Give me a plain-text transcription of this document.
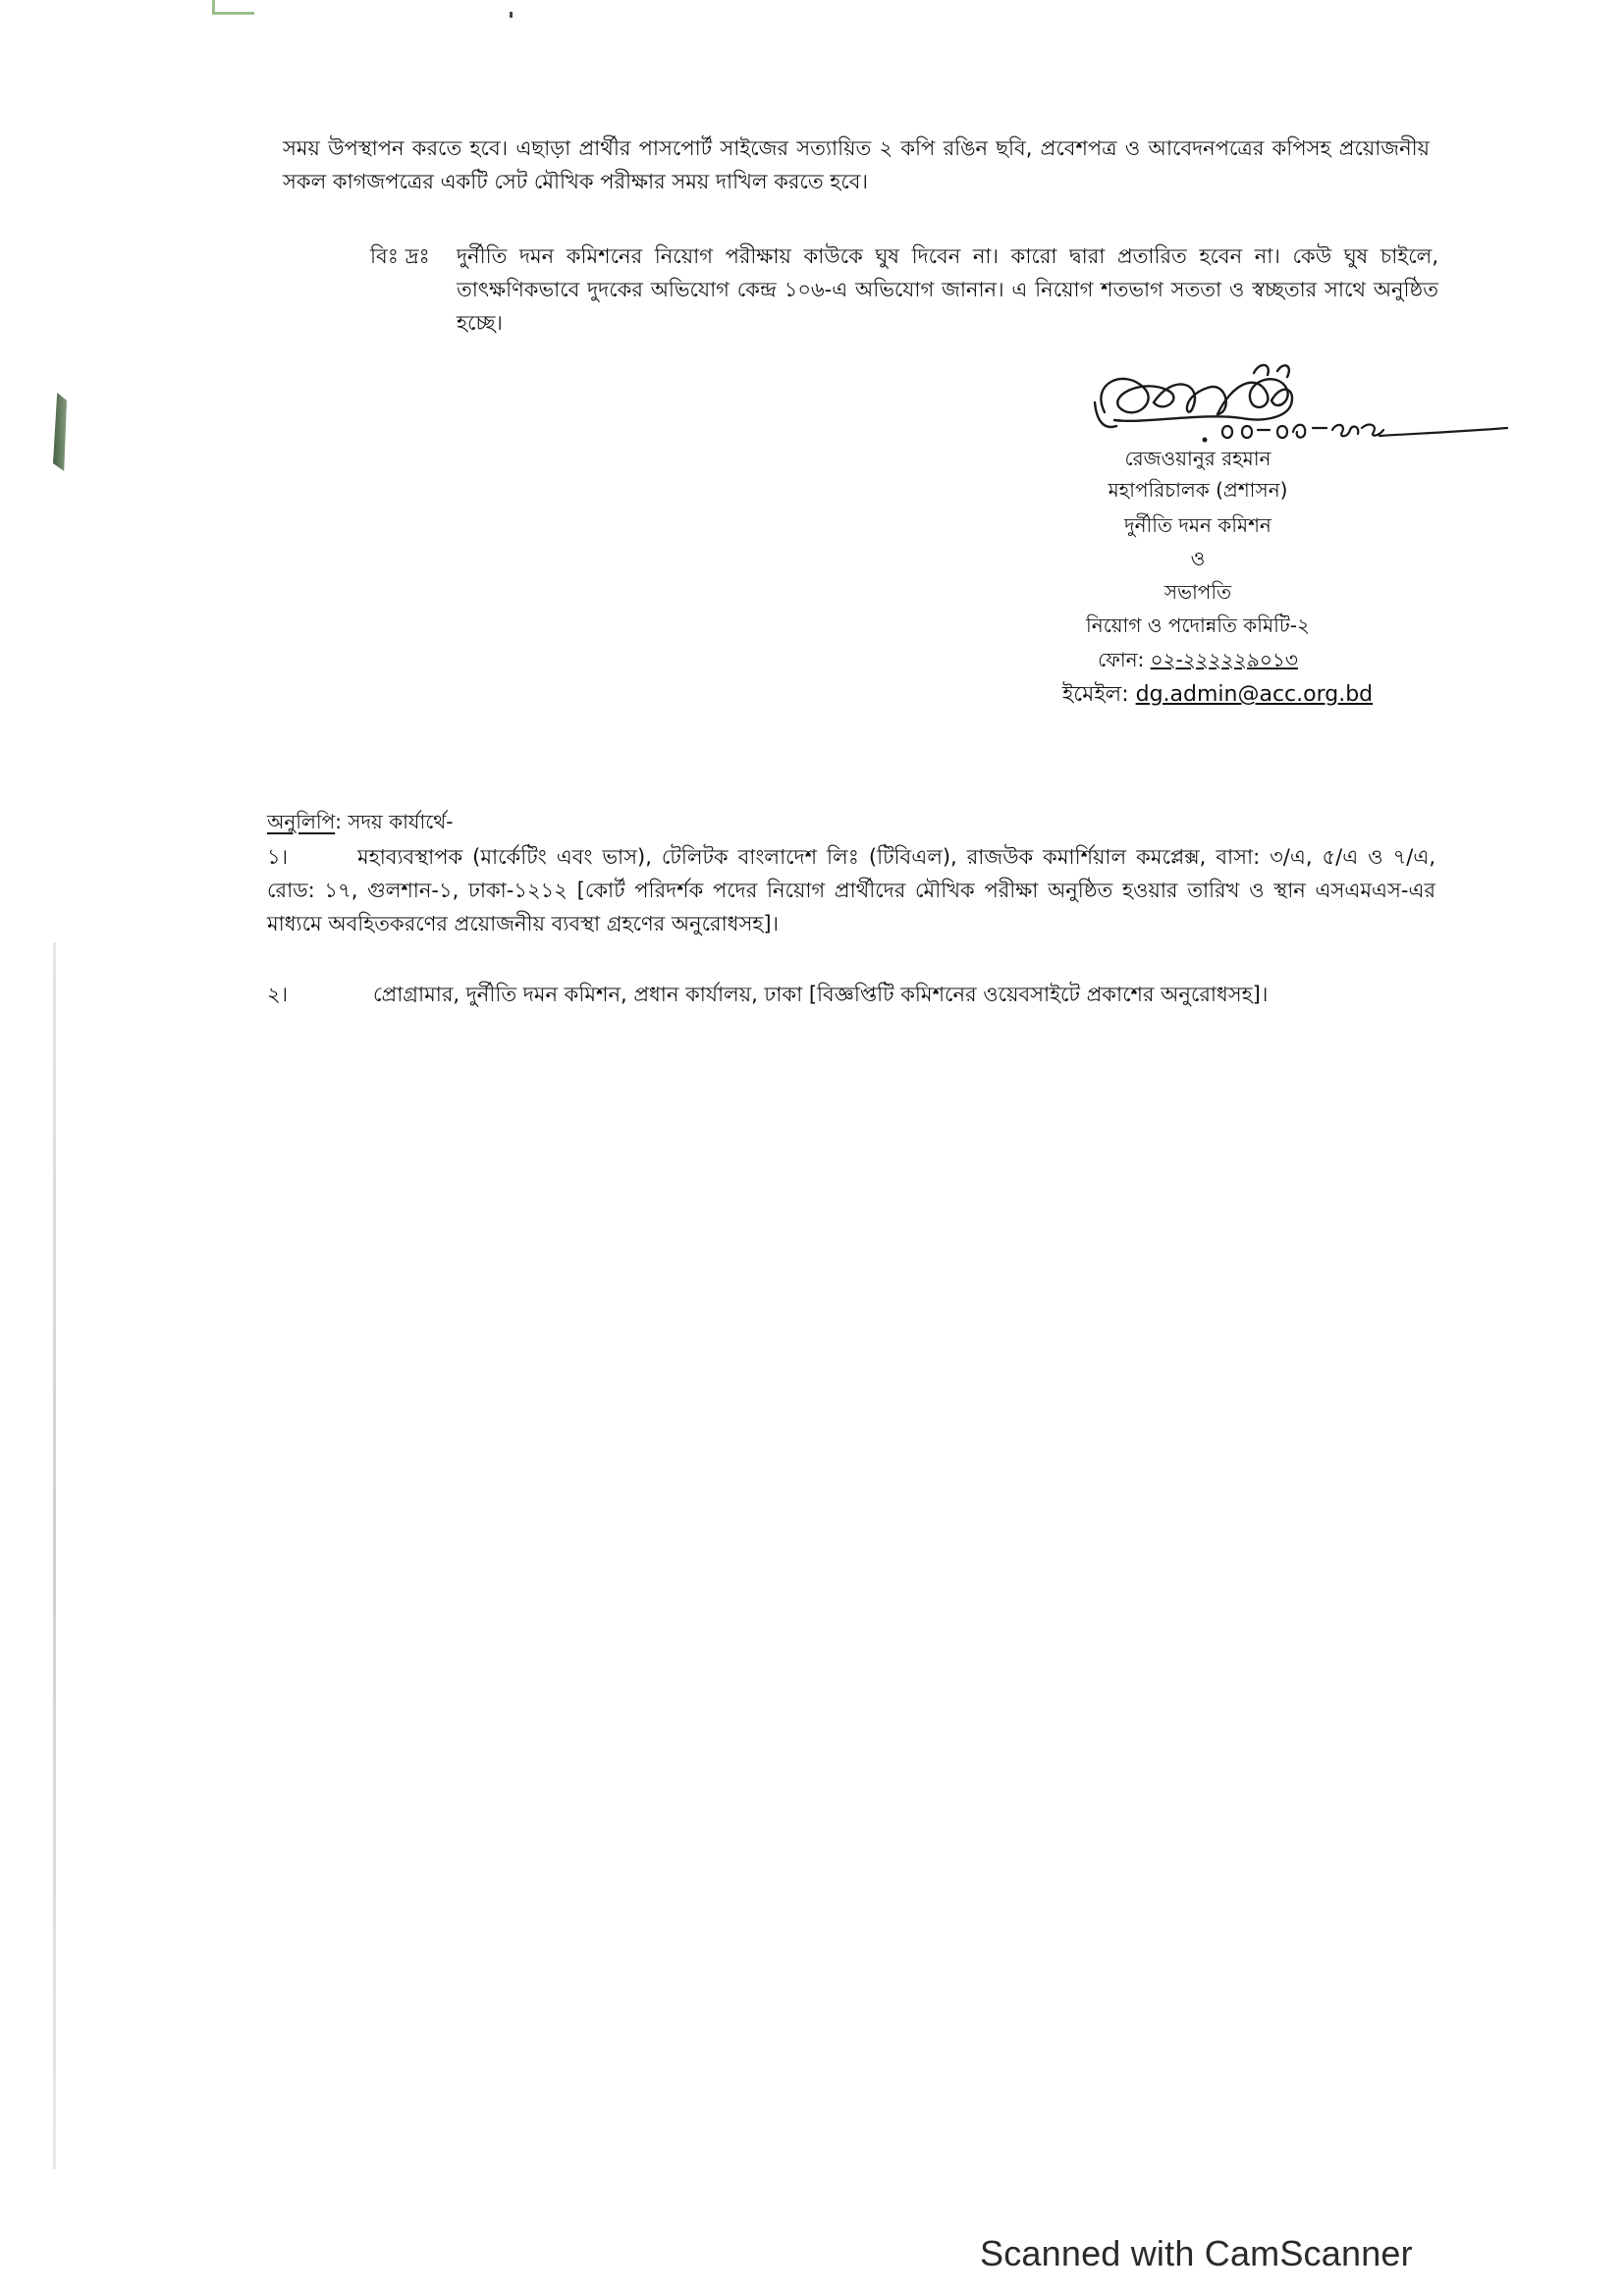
সময় উপস্থাপন করতে হবে। এছাড়া প্রার্থীর পাসপোর্ট সাইজের সত্যায়িত ২ কপি রঙিন ছবি, প্রবেশপত্র ও আবেদনপত্রের কপিসহ প্রয়োজনীয় সকল কাগজপত্রের একটি সেট মৌখিক পরীক্ষার সময় দাখিল করতে হবে।

বিঃ দ্রঃ দুর্নীতি দমন কমিশনের নিয়োগ পরীক্ষায় কাউকে ঘুষ দিবেন না। কারো দ্বারা প্রতারিত হবেন না। কেউ ঘুষ চাইলে, তাৎক্ষণিকভাবে দুদকের অভিযোগ কেন্দ্র ১০৬-এ অভিযোগ জানান। এ নিয়োগ শতভাগ সততা ও স্বচ্ছতার সাথে অনুষ্ঠিত হচ্ছে।

রেজওয়ানুর রহমান
মহাপরিচালক (প্রশাসন)
দুর্নীতি দমন কমিশন
ও
সভাপতি
নিয়োগ ও পদোন্নতি কমিটি-২
ফোন: ০২-২২২২২৯০১৩
ইমেইল: dg.admin@acc.org.bd
অনুলিপি: সদয় কার্যার্থে-
১।	মহাব্যবস্থাপক (মার্কেটিং এবং ভাস), টেলিটক বাংলাদেশ লিঃ (টিবিএল), রাজউক কমার্শিয়াল কমপ্লেক্স, বাসা: ৩/এ, ৫/এ ও ৭/এ, রোড: ১৭, গুলশান-১, ঢাকা-১২১২ [কোর্ট পরিদর্শক পদের নিয়োগ প্রার্থীদের মৌখিক পরীক্ষা অনুষ্ঠিত হওয়ার তারিখ ও স্থান এসএমএস-এর মাধ্যমে অবহিতকরণের প্রয়োজনীয় ব্যবস্থা গ্রহণের অনুরোধসহ]।

২।	প্রোগ্রামার, দুর্নীতি দমন কমিশন, প্রধান কার্যালয়, ঢাকা [বিজ্ঞপ্তিটি কমিশনের ওয়েবসাইটে প্রকাশের অনুরোধসহ]।

Scanned with CamScanner
